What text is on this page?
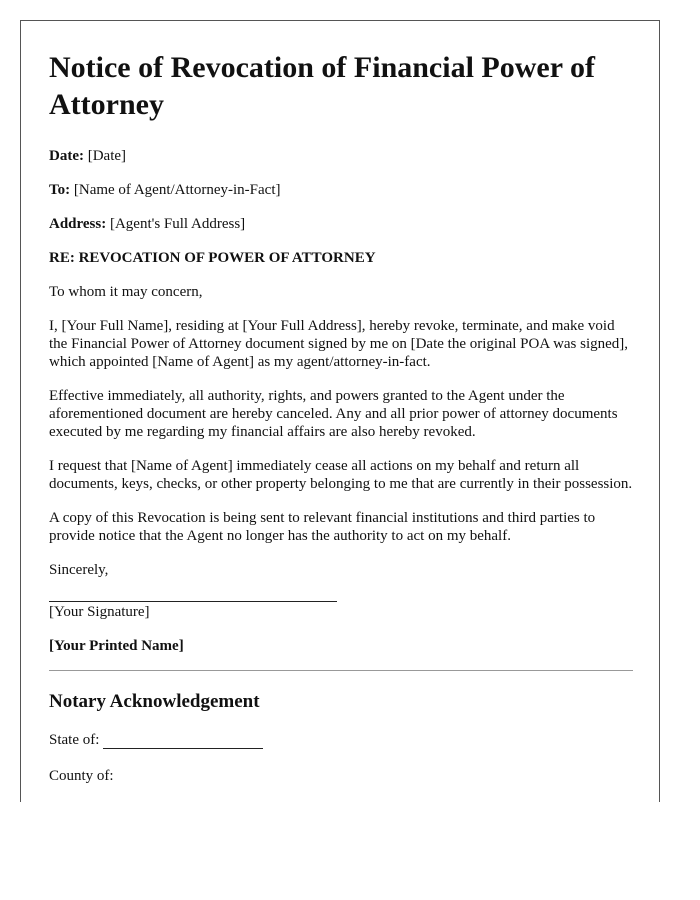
Notice of Revocation of Financial Power of Attorney
Date: [Date]
To: [Name of Agent/Attorney-in-Fact]
Address: [Agent's Full Address]
RE: REVOCATION OF POWER OF ATTORNEY

To whom it may concern,

I, [Your Full Name], residing at [Your Full Address], hereby revoke, terminate, and make void the Financial Power of Attorney document signed by me on [Date the original POA was signed], which appointed [Name of Agent] as my agent/attorney-in-fact.

Effective immediately, all authority, rights, and powers granted to the Agent under the aforementioned document are hereby canceled. Any and all prior power of attorney documents executed by me regarding my financial affairs are also hereby revoked.

I request that [Name of Agent] immediately cease all actions on my behalf and return all documents, keys, checks, or other property belonging to me that are currently in their possession.

A copy of this Revocation is being sent to relevant financial institutions and third parties to provide notice that the Agent no longer has the authority to act on my behalf.

Sincerely,

[Your Signature]
[Your Printed Name]
Notary Acknowledgement
State of:
County of:
